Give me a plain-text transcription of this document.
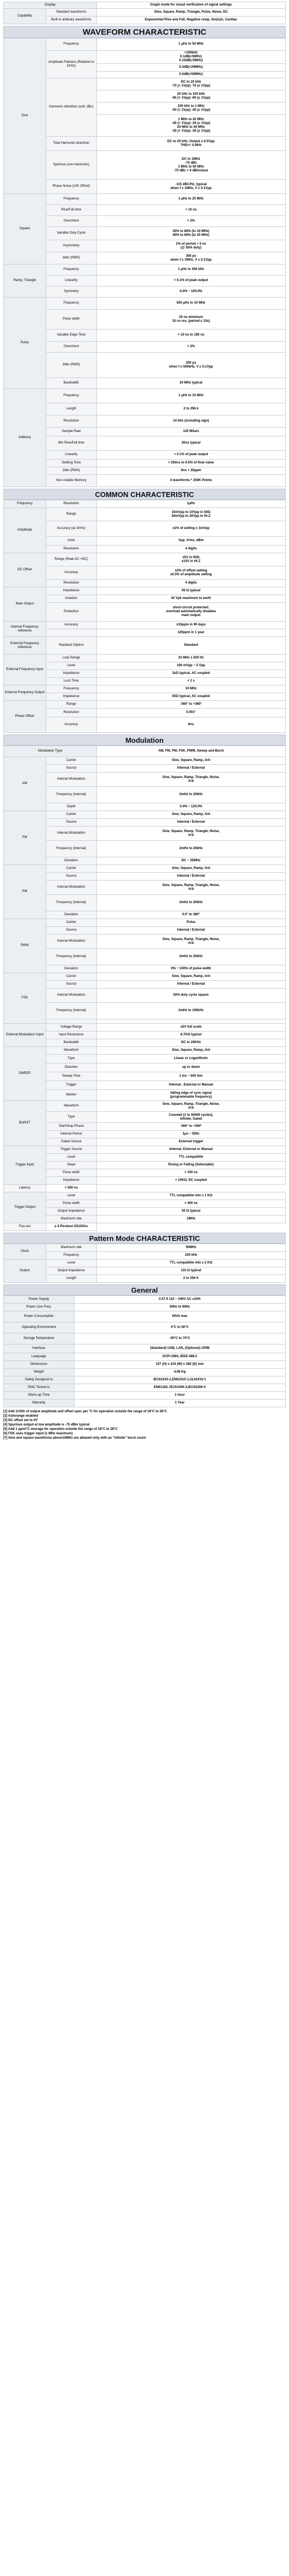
Display		Graph mode for visual verification of signal settings
Capability	Standard waveforms	Sine, Square, Ramp, Triangle, Pulse, Noise, DC
	Built-in arbitrary waveforms	Exponential Rise and Fall, Negative ramp, Sin(x)/x, Cardiac
WAVEFORM CHARACTERISTIC
Sine	Frequency	1 μHz to 50 MHz
	Amplitude Flatness (Relative to 1KHz)	<100kHz
0.1dB(<5MHz)
0.15dB(<5MHz)

		0.3dB(<20MHz)

		0.5dB(<50MHz)

	Harmonic distortion (unit: dBc)	DC to 20 kHz
-70 (< 1Vpp) -70 (≥ 1Vpp)

		20 kHz to 100 kHz
-65 (< 1Vpp) -60 (≥ 1Vpp)

		100 kHz to 1 MHz
-50 (< 1Vpp) -45 (≥ 1Vpp)

		1 MHz to 20 MHz
-40 (< 1Vpp) -35 (≥ 1Vpp)
20 MHz to 50 MHz
-35 (< 1Vpp) -30 (≥ 1Vpp)

	Total Harmonic distortion	DC to 20 kHz, Output ≥ 0.5Vpp
THD<= 0.06%

	Spurious (non-harmonic)	DC to 1MHz
-70 dBc
1 MHz to 50 MHz
-70 dBc + 6 dB/octave

	Phase Noise (10K Offset)	-115 dBC/Hz, typical
when f ≥ 1MHz, V ≥ 0.1Vpp

Square	Frequency	1 μHz to 25 MHz
	Rise/Fall time	< 10 ns
	Overshoot	< 2%
	Variable Duty Cycle	20% to 80% (to 10 MHz)
40% to 60% (to 25 MHz)

	Asymmetry	1% of period + 5 ns
(@ 50% duty)

	Jitter (RMS)	300 ps
when f ≥ 1MHz, V ≥ 0.1Vpp

Ramp, Triangle	Frequency	1 μHz to 300 kHz
	Linearity	< 0.1% of peak output
	Symmetry	0.0% ~ 100.0%
Pulse	Frequency	500 μHz to 10 MHz
	Pulse width	20 ns minimum
10 ns res. (period ≤ 10s)

	Variable Edge Time	< 10 ns to 100 ns
	Overshoot	< 2%
	Jitter (RMS)	200 ps
when f ≥ 500kHz, V ≥ 0.1Vpp

	Bandwidth	20 MHz typical
Arbitrary	Frequency	1 μHz to 10 MHz
	Length	2 to 256 k
	Resolution	14 bits (including sign)
	Sample Rate	125 MSa/s
	Min Rise/Fall time	30ns typical
	Linearity	< 0.1% of peak output
	Settling Time	< 250ns to 0.5% of final value
	Jitter (RMS)	6ns + 30ppm
	Non-volatile Memory	4 waveforms * 256K Points
COMMON CHARACTERISTIC
Frequency	Resolution	1μHz
Amplitude	Range	10mVpp to 10Vpp in 50Ω
20mVpp to 20Vpp in Hi-Z

	Accuracy (at 1KHz)	±1% of setting ± 1mVpp
	Units	Vpp, Vrms, dBm
	Resolution	4 digits
DC Offset	Range (Peak AC +DC)	±5V in 50Ω
±10V in Hi-Z

	Accuracy	±2% of offset setting
±0.5% of amplitude setting

	Resolution	4 digits
Main Output	Impedance	50 Ω typical
	Isolation	42 Vpk maximum to earth
	Protection	short-circuit protected;
overload automatically disables
main output

Internal Frequency reference	Accuracy	±10ppm in 90 days
		±20ppm in 1 year
External Frequency reference	Standard /Option	Standard
External Frequency Input	Lock Range	10 MHz ± 500 Hz
	Level	100 mVpp ~ 5 Vpp
	Impedance	1kΩ typical, AC coupled
	Lock Time	< 2 s
External Frequency Output	Frequency	10 MHz
	Impedance	50Ω typical, AC coupled
Phase Offset	Range	-360° to +360°
	Resolution	0.001°
	Accuracy	8ns
Modulation
Modulation Type		AM, FM, PM, FSK, PWM, Sweep and Burst
AM	Carrier	Sine, Square, Ramp, Arb
	Source	Internal / External
	Internal Modulation	Sine, Square, Ramp, Triangle, Noise,
Arb

	Frequency (Internal)	2mHz to 20kHz
	Depth	0.0% ~ 120.0%
FM	Carrier	Sine, Square, Ramp, Arb
	Source	Internal / External
	Internal Modulation	Sine, Square, Ramp, Triangle, Noise,
Arb

	Frequency (Internal)	2mHz to 20kHz
	Deviation	DC ~ 25MHz
PM	Carrier	Sine, Square, Ramp, Arb
	Source	Internal / External
	Internal Modulation	Sine, Square, Ramp, Triangle, Noise,
Arb

	Frequency (Internal)	2mHz to 20kHz
	Deviation	0.0° to 360°
PWM	Carrier	Pulse
	Source	Internal / External
	Internal Modulation	Sine, Square, Ramp, Triangle, Noise,
Arb

	Frequency (Internal)	2mHz to 20kHz
	Deviation	0% ~ 100% of pulse width
FSK	Carrier	Sine, Square, Ramp, Arb
	Source	Internal / External
	Internal Modulation	50% duty cycle square
	Frequency (Internal)	2mHz to 100kHz

External Modulation Input	Voltage Range	±5V full scale
	Input Resistance	8.7KΩ typical
	Bandwidth	DC to 20KHz
SWEEP	Waveform	Sine, Square, Ramp, Arb
	Type	Linear or Logarithmic
	Direction	up or down
	Sweep Time	1 ms ~ 500 Sec
	Trigger	Internal , External or Manual
	Marker	falling edge of sync signal
(programmable frequency)

BURST	Waveform	Sine, Square, Ramp, Triangle, Noise,
Arb

	Type	Counted (1 to 50000 cycles),
Infinite, Gated

	Start/Stop Phase	-360° to +360°
	Internal Period	1μs ~ 500s
	Gated Source	External trigger
Trigger Input	Trigger Source	Internal, External or Manual
	Level	TTL compatible
	Slope	Rising or Falling (Selectable)
	Pulse width	> 100 ns
	Impedance	> 10KΩ, DC coupled
Latency	< 500 ns	
Trigger Output	Level	TTL compatible into ≥ 1 KΩ
	Pulse width	> 400 ns
	Output Impedance	50 Ω typical
	Maximum rate	1MHz
Fan-out	≤ 4 Picotest G5100As	
Pattern Mode CHARACTERISTIC
Clock	Maximum rate	50MHz
	Frequency	100 kHz
Output	Level	TTL compatible into ≥ 2 KΩ
	Output Impedance	110 Ω typical
	Length	2 to 256 K
General
Power Supply	CAT II 110 ~ 240V AC ±10%
Power Line Freq.	50Hz to 60Hz
Power Consumption	50VA max
Operating Environment	0°C to 50°C
Storage Temperature	-30°C to 70°C
Interface	(Standard) USB, LAN, (Optional) GPIB
Language	SCPI-1993, IEEE-488.2
Dimensions	107 (H) x 224 (W) x 380 (D) mm
Weight	4.08 Kg
Safety Designed to	IEC61010-1,EN61010-1,UL61010-1
EMC Tested to	EN61326, IEC61000-3,IEC61000-4
Warm-up Time	1 hour
Warranty	1 Year

[1] Add 1/10th of output amplitude and offset spec per °C for operation outside the range of 18°C to 28°C

[2] Autorange enabled

[3] DC offset set to 0V

[4] Spurious output at low amplitude is -75 dBm typical

[5] Add 1 ppm/°C average for operation outside the range of 18°C to 28°C

[6] FSK uses trigger input (1 MHz maximum)

[7] Sine and square waveforms above10MHz are allowed only with an "infinite" burst count
